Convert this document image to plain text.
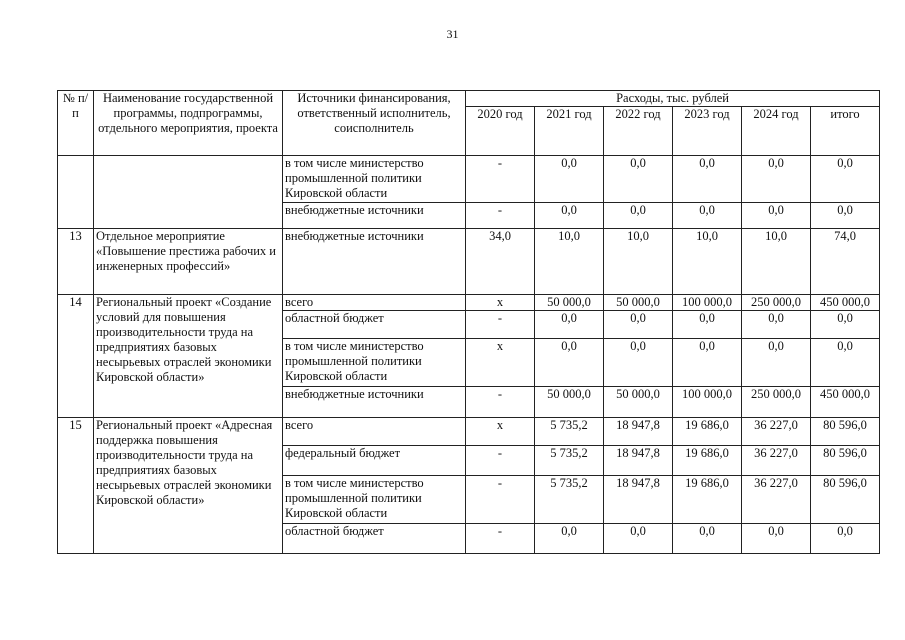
31
№ п/п	Наименование государственной программы, подпрограммы, отдельного мероприятия, проекта	Источники финансирования, ответственный исполнитель, соисполнитель	Расходы, тыс. рублей					
			2020 год	2021 год	2022 год	2023 год	2024 год	итого
		в том числе министерство промышленной политики Кировской области	-	0,0	0,0	0,0	0,0	0,0
		внебюджетные источники	-	0,0	0,0	0,0	0,0	0,0
13	Отдельное мероприятие «Повышение престижа рабочих и инженерных профессий»	внебюджетные источники	34,0	10,0	10,0	10,0	10,0	74,0
14	Региональный проект «Создание условий для повышения производительности труда на предприятиях базовых несырьевых отраслей экономики Кировской области»	всего	х	50 000,0	50 000,0	100 000,0	250 000,0	450 000,0
		областной бюджет	-	0,0	0,0	0,0	0,0	0,0
		в том числе министерство промышленной политики Кировской области	х	0,0	0,0	0,0	0,0	0,0
		внебюджетные источники	-	50 000,0	50 000,0	100 000,0	250 000,0	450 000,0
15	Региональный проект «Адресная поддержка повышения производительности труда на предприятиях базовых несырьевых отраслей экономики Кировской области»	всего	х	5 735,2	18 947,8	19 686,0	36 227,0	80 596,0
		федеральный бюджет	-	5 735,2	18 947,8	19 686,0	36 227,0	80 596,0
		в том числе министерство промышленной политики Кировской области	-	5 735,2	18 947,8	19 686,0	36 227,0	80 596,0
		областной бюджет	-	0,0	0,0	0,0	0,0	0,0
